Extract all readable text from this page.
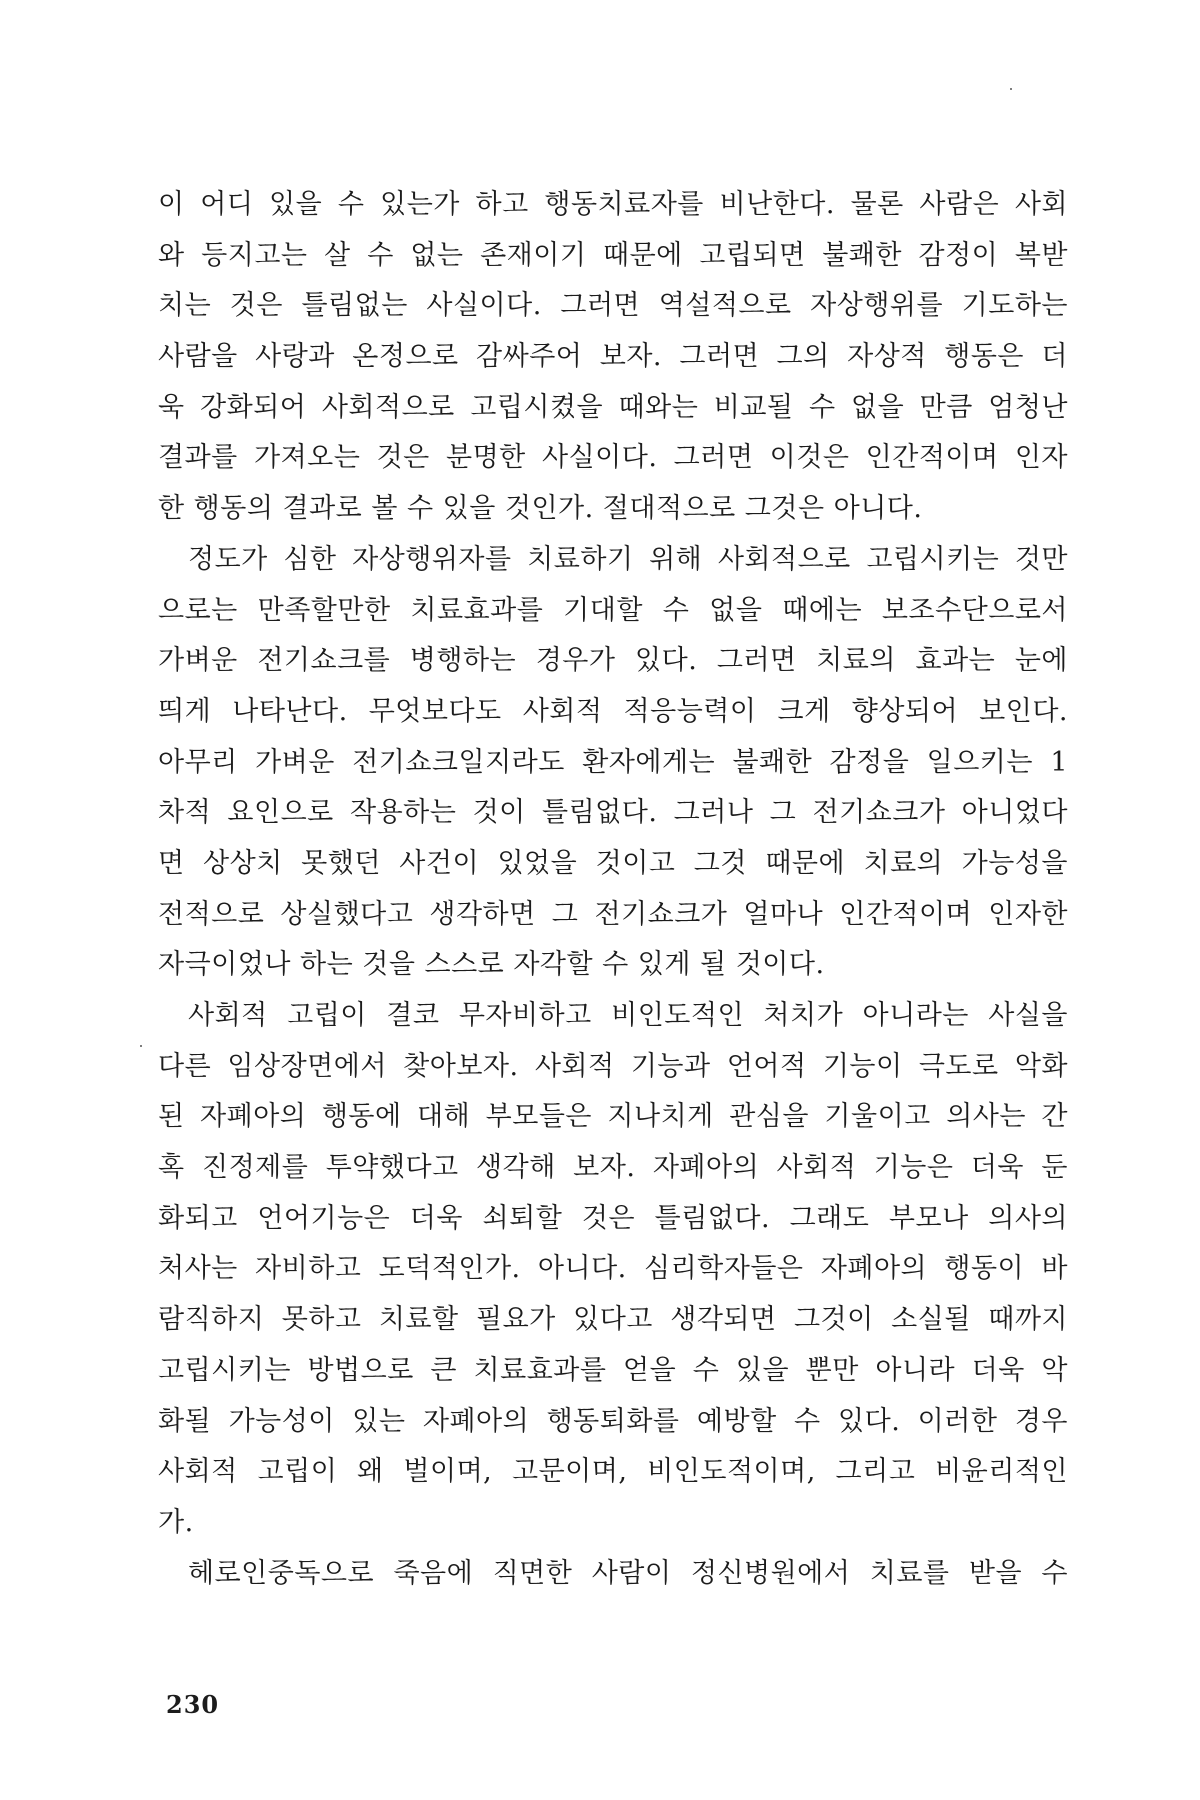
이 어디 있을 수 있는가 하고 행동치료자를 비난한다. 물론 사람은 사회
와 등지고는 살 수 없는 존재이기 때문에 고립되면 불쾌한 감정이 복받
치는 것은 틀림없는 사실이다. 그러면 역설적으로 자상행위를 기도하는
사람을 사랑과 온정으로 감싸주어 보자. 그러면 그의 자상적 행동은 더
욱 강화되어 사회적으로 고립시켰을 때와는 비교될 수 없을 만큼 엄청난
결과를 가져오는 것은 분명한 사실이다. 그러면 이것은 인간적이며 인자
한 행동의 결과로 볼 수 있을 것인가. 절대적으로 그것은 아니다.
정도가 심한 자상행위자를 치료하기 위해 사회적으로 고립시키는 것만
으로는 만족할만한 치료효과를 기대할 수 없을 때에는 보조수단으로서
가벼운 전기쇼크를 병행하는 경우가 있다. 그러면 치료의 효과는 눈에
띄게 나타난다. 무엇보다도 사회적 적응능력이 크게 향상되어 보인다.
아무리 가벼운 전기쇼크일지라도 환자에게는 불쾌한 감정을 일으키는 1
차적 요인으로 작용하는 것이 틀림없다. 그러나 그 전기쇼크가 아니었다
면 상상치 못했던 사건이 있었을 것이고 그것 때문에 치료의 가능성을
전적으로 상실했다고 생각하면 그 전기쇼크가 얼마나 인간적이며 인자한
자극이었나 하는 것을 스스로 자각할 수 있게 될 것이다.
사회적 고립이 결코 무자비하고 비인도적인 처치가 아니라는 사실을
다른 임상장면에서 찾아보자. 사회적 기능과 언어적 기능이 극도로 악화
된 자폐아의 행동에 대해 부모들은 지나치게 관심을 기울이고 의사는 간
혹 진정제를 투약했다고 생각해 보자. 자폐아의 사회적 기능은 더욱 둔
화되고 언어기능은 더욱 쇠퇴할 것은 틀림없다. 그래도 부모나 의사의
처사는 자비하고 도덕적인가. 아니다. 심리학자들은 자폐아의 행동이 바
람직하지 못하고 치료할 필요가 있다고 생각되면 그것이 소실될 때까지
고립시키는 방법으로 큰 치료효과를 얻을 수 있을 뿐만 아니라 더욱 악
화될 가능성이 있는 자폐아의 행동퇴화를 예방할 수 있다. 이러한 경우
사회적 고립이 왜 벌이며, 고문이며, 비인도적이며, 그리고 비윤리적인
가.
헤로인중독으로 죽음에 직면한 사람이 정신병원에서 치료를 받을 수
230
